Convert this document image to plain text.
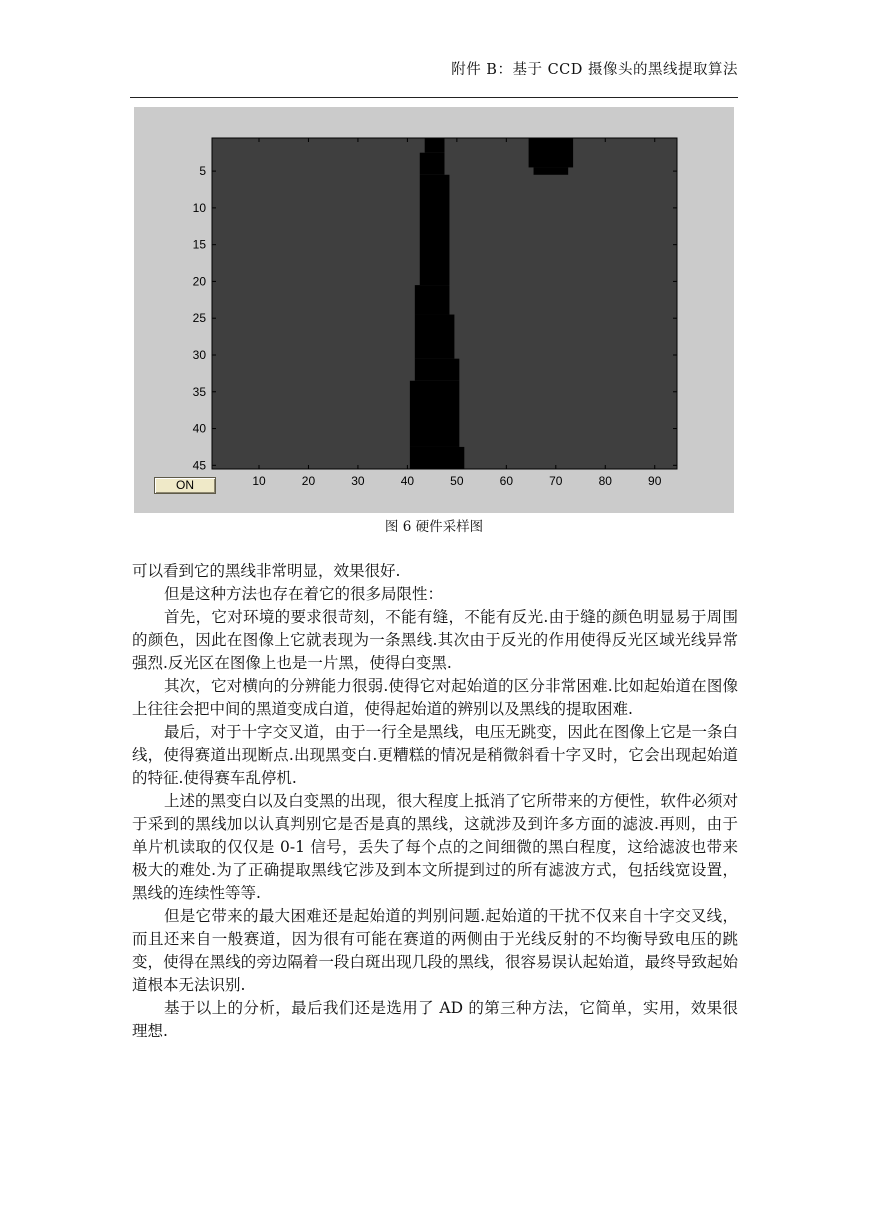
附件 B：基于 CCD 摄像头的黑线提取算法
10	20	30	40	50	60	70	80	90
5
10
15
20
25
30
35
40
45
ON
图 6 硬件采样图

可以看到它的黑线非常明显，效果很好.

但是这种方法也存在着它的很多局限性：

首先，它对环境的要求很苛刻，不能有缝，不能有反光.由于缝的颜色明显易于周围的颜色，因此在图像上它就表现为一条黑线.其次由于反光的作用使得反光区域光线异常强烈.反光区在图像上也是一片黑，使得白变黑.

其次，它对横向的分辨能力很弱.使得它对起始道的区分非常困难.比如起始道在图像上往往会把中间的黑道变成白道，使得起始道的辨别以及黑线的提取困难.

最后，对于十字交叉道，由于一行全是黑线，电压无跳变，因此在图像上它是一条白线，使得赛道出现断点.出现黑变白.更糟糕的情况是稍微斜看十字叉时，它会出现起始道的特征.使得赛车乱停机.

上述的黑变白以及白变黑的出现，很大程度上抵消了它所带来的方便性，软件必须对于采到的黑线加以认真判别它是否是真的黑线，这就涉及到许多方面的滤波.再则，由于单片机读取的仅仅是 0-1 信号，丢失了每个点的之间细微的黑白程度，这给滤波也带来极大的难处.为了正确提取黑线它涉及到本文所提到过的所有滤波方式，包括线宽设置，黑线的连续性等等.

但是它带来的最大困难还是起始道的判别问题.起始道的干扰不仅来自十字交叉线，而且还来自一般赛道，因为很有可能在赛道的两侧由于光线反射的不均衡导致电压的跳变，使得在黑线的旁边隔着一段白斑出现几段的黑线，很容易误认起始道，最终导致起始道根本无法识别.

基于以上的分析，最后我们还是选用了 AD 的第三种方法，它简单，实用，效果很理想.
